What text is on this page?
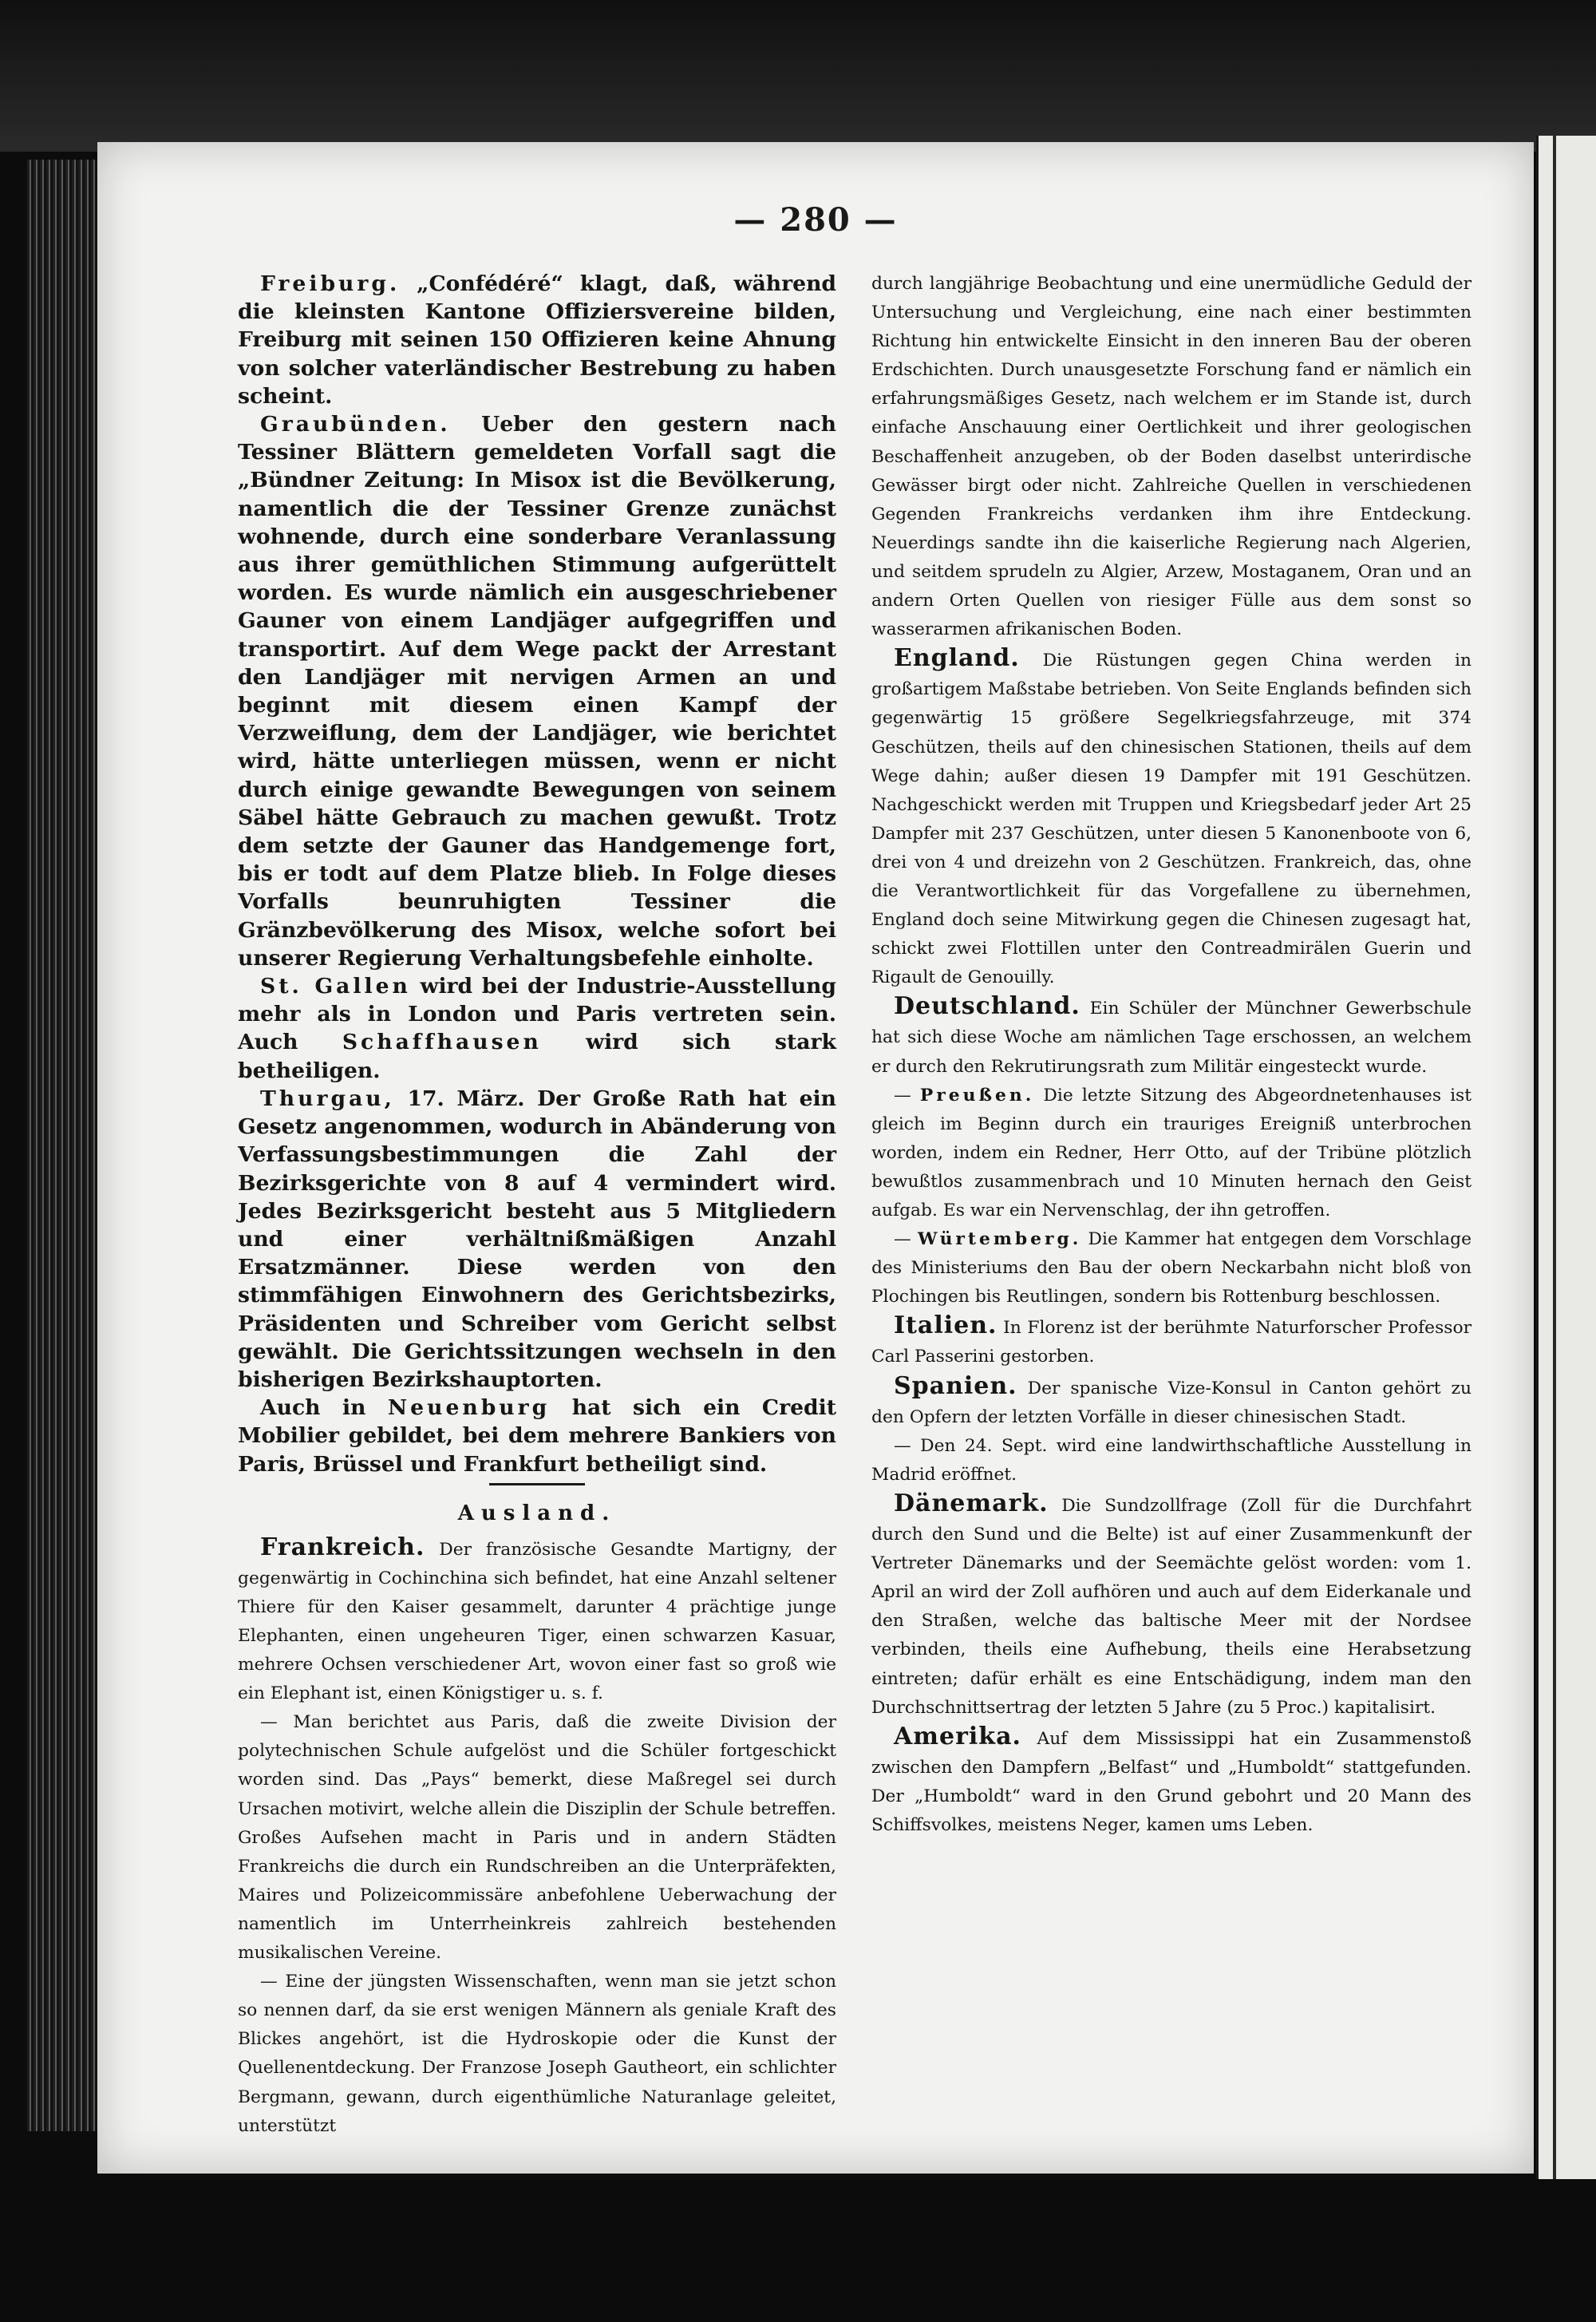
— 280 —

Freiburg. „Confédéré“ klagt, daß, während die kleinsten Kantone Offiziersvereine bilden, Freiburg mit seinen 150 Offizieren keine Ahnung von solcher vaterländischer Bestrebung zu haben scheint.

Graubünden. Ueber den gestern nach Tessiner Blättern gemeldeten Vorfall sagt die „Bündner Zeitung: In Misox ist die Bevölkerung, namentlich die der Tessiner Grenze zunächst wohnende, durch eine sonderbare Veranlassung aus ihrer gemüthlichen Stimmung aufgerüttelt worden. Es wurde nämlich ein ausgeschriebener Gauner von einem Landjäger aufgegriffen und transportirt. Auf dem Wege packt der Arrestant den Landjäger mit nervigen Armen an und beginnt mit diesem einen Kampf der Verzweiflung, dem der Landjäger, wie berichtet wird, hätte unterliegen müssen, wenn er nicht durch einige gewandte Bewegungen von seinem Säbel hätte Gebrauch zu machen gewußt. Trotz dem setzte der Gauner das Handgemenge fort, bis er todt auf dem Platze blieb. In Folge dieses Vorfalls beunruhigten Tessiner die Gränzbevölkerung des Misox, welche sofort bei unserer Regierung Verhaltungsbefehle einholte.

St. Gallen wird bei der Industrie-Ausstellung mehr als in London und Paris vertreten sein. Auch Schaffhausen wird sich stark betheiligen.

Thurgau, 17. März. Der Große Rath hat ein Gesetz angenommen, wodurch in Abänderung von Verfassungsbestimmungen die Zahl der Bezirksgerichte von 8 auf 4 vermindert wird. Jedes Bezirksgericht besteht aus 5 Mitgliedern und einer verhältnißmäßigen Anzahl Ersatzmänner. Diese werden von den stimmfähigen Einwohnern des Gerichtsbezirks, Präsidenten und Schreiber vom Gericht selbst gewählt. Die Gerichtssitzungen wechseln in den bisherigen Bezirkshauptorten.

Auch in Neuenburg hat sich ein Credit Mobilier gebildet, bei dem mehrere Bankiers von Paris, Brüssel und Frankfurt betheiligt sind.

Ausland.

Frankreich. Der französische Gesandte Martigny, der gegenwärtig in Cochinchina sich befindet, hat eine Anzahl seltener Thiere für den Kaiser gesammelt, darunter 4 prächtige junge Elephanten, einen ungeheuren Tiger, einen schwarzen Kasuar, mehrere Ochsen verschiedener Art, wovon einer fast so groß wie ein Elephant ist, einen Königstiger u. s. f.

— Man berichtet aus Paris, daß die zweite Division der polytechnischen Schule aufgelöst und die Schüler fortgeschickt worden sind. Das „Pays“ bemerkt, diese Maßregel sei durch Ursachen motivirt, welche allein die Disziplin der Schule betreffen. Großes Aufsehen macht in Paris und in andern Städten Frankreichs die durch ein Rundschreiben an die Unterpräfekten, Maires und Polizeicommissäre anbefohlene Ueberwachung der namentlich im Unterrheinkreis zahlreich bestehenden musikalischen Vereine.

— Eine der jüngsten Wissenschaften, wenn man sie jetzt schon so nennen darf, da sie erst wenigen Männern als geniale Kraft des Blickes angehört, ist die Hydroskopie oder die Kunst der Quellenentdeckung. Der Franzose Joseph Gautheort, ein schlichter Bergmann, gewann, durch eigenthümliche Naturanlage geleitet, unterstützt

durch langjährige Beobachtung und eine unermüdliche Geduld der Untersuchung und Vergleichung, eine nach einer bestimmten Richtung hin entwickelte Einsicht in den inneren Bau der oberen Erdschichten. Durch unausgesetzte Forschung fand er nämlich ein erfahrungsmäßiges Gesetz, nach welchem er im Stande ist, durch einfache Anschauung einer Oertlichkeit und ihrer geologischen Beschaffenheit anzugeben, ob der Boden daselbst unterirdische Gewässer birgt oder nicht. Zahlreiche Quellen in verschiedenen Gegenden Frankreichs verdanken ihm ihre Entdeckung. Neuerdings sandte ihn die kaiserliche Regierung nach Algerien, und seitdem sprudeln zu Algier, Arzew, Mostaganem, Oran und an andern Orten Quellen von riesiger Fülle aus dem sonst so wasserarmen afrikanischen Boden.

England. Die Rüstungen gegen China werden in großartigem Maßstabe betrieben. Von Seite Englands befinden sich gegenwärtig 15 größere Segelkriegsfahrzeuge, mit 374 Geschützen, theils auf den chinesischen Stationen, theils auf dem Wege dahin; außer diesen 19 Dampfer mit 191 Geschützen. Nachgeschickt werden mit Truppen und Kriegsbedarf jeder Art 25 Dampfer mit 237 Geschützen, unter diesen 5 Kanonenboote von 6, drei von 4 und dreizehn von 2 Geschützen. Frankreich, das, ohne die Verantwortlichkeit für das Vorgefallene zu übernehmen, England doch seine Mitwirkung gegen die Chinesen zugesagt hat, schickt zwei Flottillen unter den Contreadmirälen Guerin und Rigault de Genouilly.

Deutschland. Ein Schüler der Münchner Gewerbschule hat sich diese Woche am nämlichen Tage erschossen, an welchem er durch den Rekrutirungsrath zum Militär eingesteckt wurde.

— Preußen. Die letzte Sitzung des Abgeordnetenhauses ist gleich im Beginn durch ein trauriges Ereigniß unterbrochen worden, indem ein Redner, Herr Otto, auf der Tribüne plötzlich bewußtlos zusammenbrach und 10 Minuten hernach den Geist aufgab. Es war ein Nervenschlag, der ihn getroffen.

— Würtemberg. Die Kammer hat entgegen dem Vorschlage des Ministeriums den Bau der obern Neckarbahn nicht bloß von Plochingen bis Reutlingen, sondern bis Rottenburg beschlossen.

Italien. In Florenz ist der berühmte Naturforscher Professor Carl Passerini gestorben.

Spanien. Der spanische Vize-Konsul in Canton gehört zu den Opfern der letzten Vorfälle in dieser chinesischen Stadt.

— Den 24. Sept. wird eine landwirthschaftliche Ausstellung in Madrid eröffnet.

Dänemark. Die Sundzollfrage (Zoll für die Durchfahrt durch den Sund und die Belte) ist auf einer Zusammenkunft der Vertreter Dänemarks und der Seemächte gelöst worden: vom 1. April an wird der Zoll aufhören und auch auf dem Eiderkanale und den Straßen, welche das baltische Meer mit der Nordsee verbinden, theils eine Aufhebung, theils eine Herabsetzung eintreten; dafür erhält es eine Entschädigung, indem man den Durchschnittsertrag der letzten 5 Jahre (zu 5 Proc.) kapitalisirt.

Amerika. Auf dem Mississippi hat ein Zusammenstoß zwischen den Dampfern „Belfast“ und „Humboldt“ stattgefunden. Der „Humboldt“ ward in den Grund gebohrt und 20 Mann des Schiffsvolkes, meistens Neger, kamen ums Leben.
